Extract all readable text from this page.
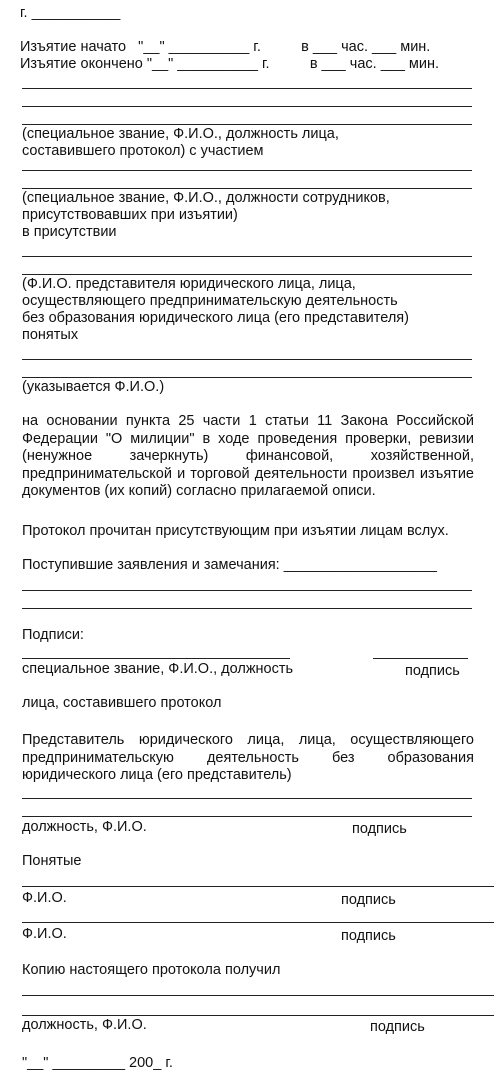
г. ___________
Изъятие начато   "__" __________ г.          в ___ час. ___ мин.
Изъятие окончено "__" __________ г.          в ___ час. ___ мин.
(специальное звание, Ф.И.О., должность лица,
составившего протокол) с участием
(специальное звание, Ф.И.О., должности сотрудников,
присутствовавших при изъятии)
в присутствии
(Ф.И.О. представителя юридического лица, лица,
осуществляющего предпринимательскую деятельность
без образования юридического лица (его представителя)
понятых
(указывается Ф.И.О.)
на основании пункта 25 части 1 статьи 11 Закона Российской Федерации "О милиции" в ходе проведения проверки, ревизии (ненужное зачеркнуть) финансовой, хозяйственной, предпринимательской и торговой деятельности произвел изъятие документов (их копий) согласно прилагаемой описи.
Протокол прочитан присутствующим при изъятии лицам вслух.
Поступившие заявления и замечания: ___________________
Подписи:
специальное звание, Ф.И.О., должность	подпись
лица, составившего протокол
Представитель юридического лица, лица, осуществляющего предпринимательскую деятельность без образования юридического лица (его представитель)
должность, Ф.И.О.	подпись
Понятые
Ф.И.О.	подпись
Ф.И.О.	подпись
Копию настоящего протокола получил
должность, Ф.И.О.	подпись
"__" _________ 200_ г.
